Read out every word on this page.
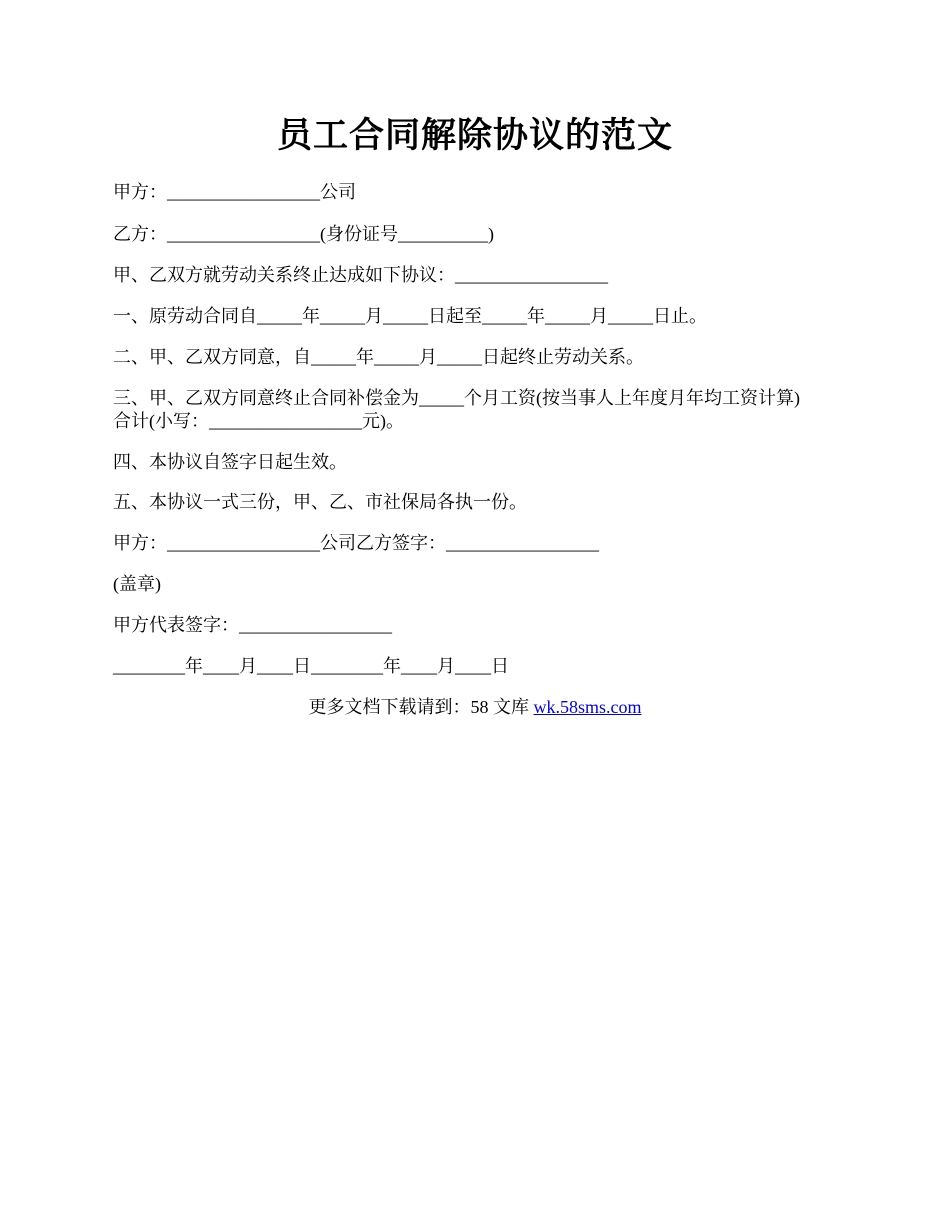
员工合同解除协议的范文
甲方：_________________公司
乙方：_________________(身份证号__________)
甲、乙双方就劳动关系终止达成如下协议：_________________
一、原劳动合同自_____年_____月_____日起至_____年_____月_____日止。
二、甲、乙双方同意，自_____年_____月_____日起终止劳动关系。
三、甲、乙双方同意终止合同补偿金为_____个月工资(按当事人上年度月年均工资计算)
合计(小写：_________________元)。
四、本协议自签字日起生效。
五、本协议一式三份，甲、乙、市社保局各执一份。
甲方：_________________公司乙方签字：_________________
(盖章)
甲方代表签字：_________________
________年____月____日________年____月____日
更多文档下载请到：58 文库 wk.58sms.com
